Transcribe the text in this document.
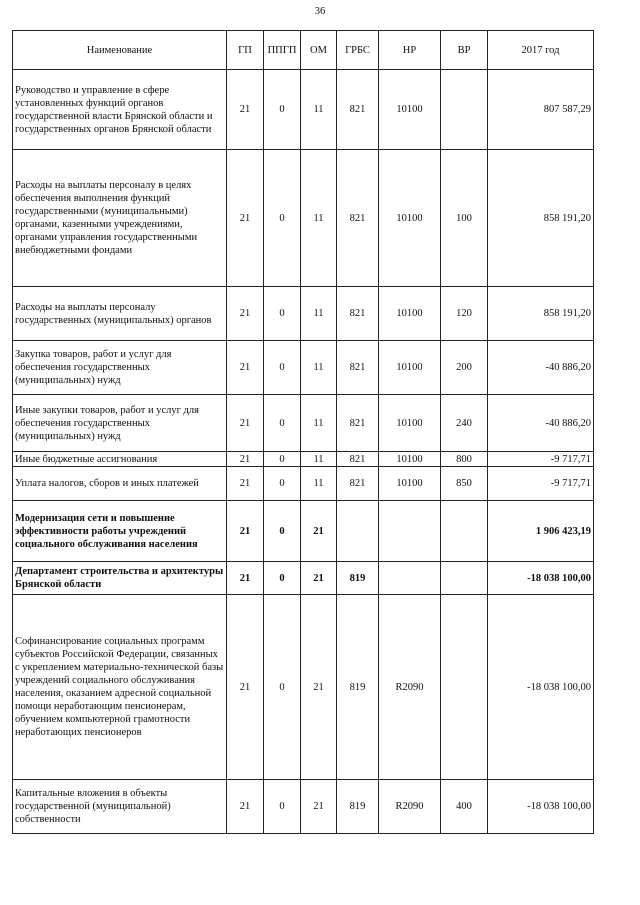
36
Наименование	ГП	ППГП	ОМ	ГРБС	НР	ВР	2017 год
Руководство и управление в сфере установленных функций органов государственной власти Брянской области и государственных органов Брянской области	21	0	11	821	10100		807 587,29
Расходы на выплаты персоналу в целях обеспечения выполнения функций государственными (муниципальными) органами, казенными учреждениями, органами управления государственными внебюджетными фондами	21	0	11	821	10100	100	858 191,20
Расходы на выплаты персоналу государственных (муниципальных) органов	21	0	11	821	10100	120	858 191,20
Закупка товаров, работ и услуг для обеспечения государственных (муниципальных) нужд	21	0	11	821	10100	200	-40 886,20
Иные закупки товаров, работ и услуг для обеспечения государственных (муниципальных) нужд	21	0	11	821	10100	240	-40 886,20
Иные бюджетные ассигнования	21	0	11	821	10100	800	-9 717,71
Уплата налогов, сборов и иных платежей	21	0	11	821	10100	850	-9 717,71
Модернизация сети и повышение эффективности работы учреждений социального обслуживания населения	21	0	21				1 906 423,19
Департамент строительства и архитектуры Брянской области	21	0	21	819			-18 038 100,00
Софинансирование социальных программ субъектов Российской Федерации, связанных с укреплением материально-технической базы учреждений социального обслуживания населения, оказанием адресной социальной помощи неработающим пенсионерам, обучением компьютерной грамотности неработающих пенсионеров	21	0	21	819	R2090		-18 038 100,00
Капитальные вложения в объекты государственной (муниципальной) собственности	21	0	21	819	R2090	400	-18 038 100,00
